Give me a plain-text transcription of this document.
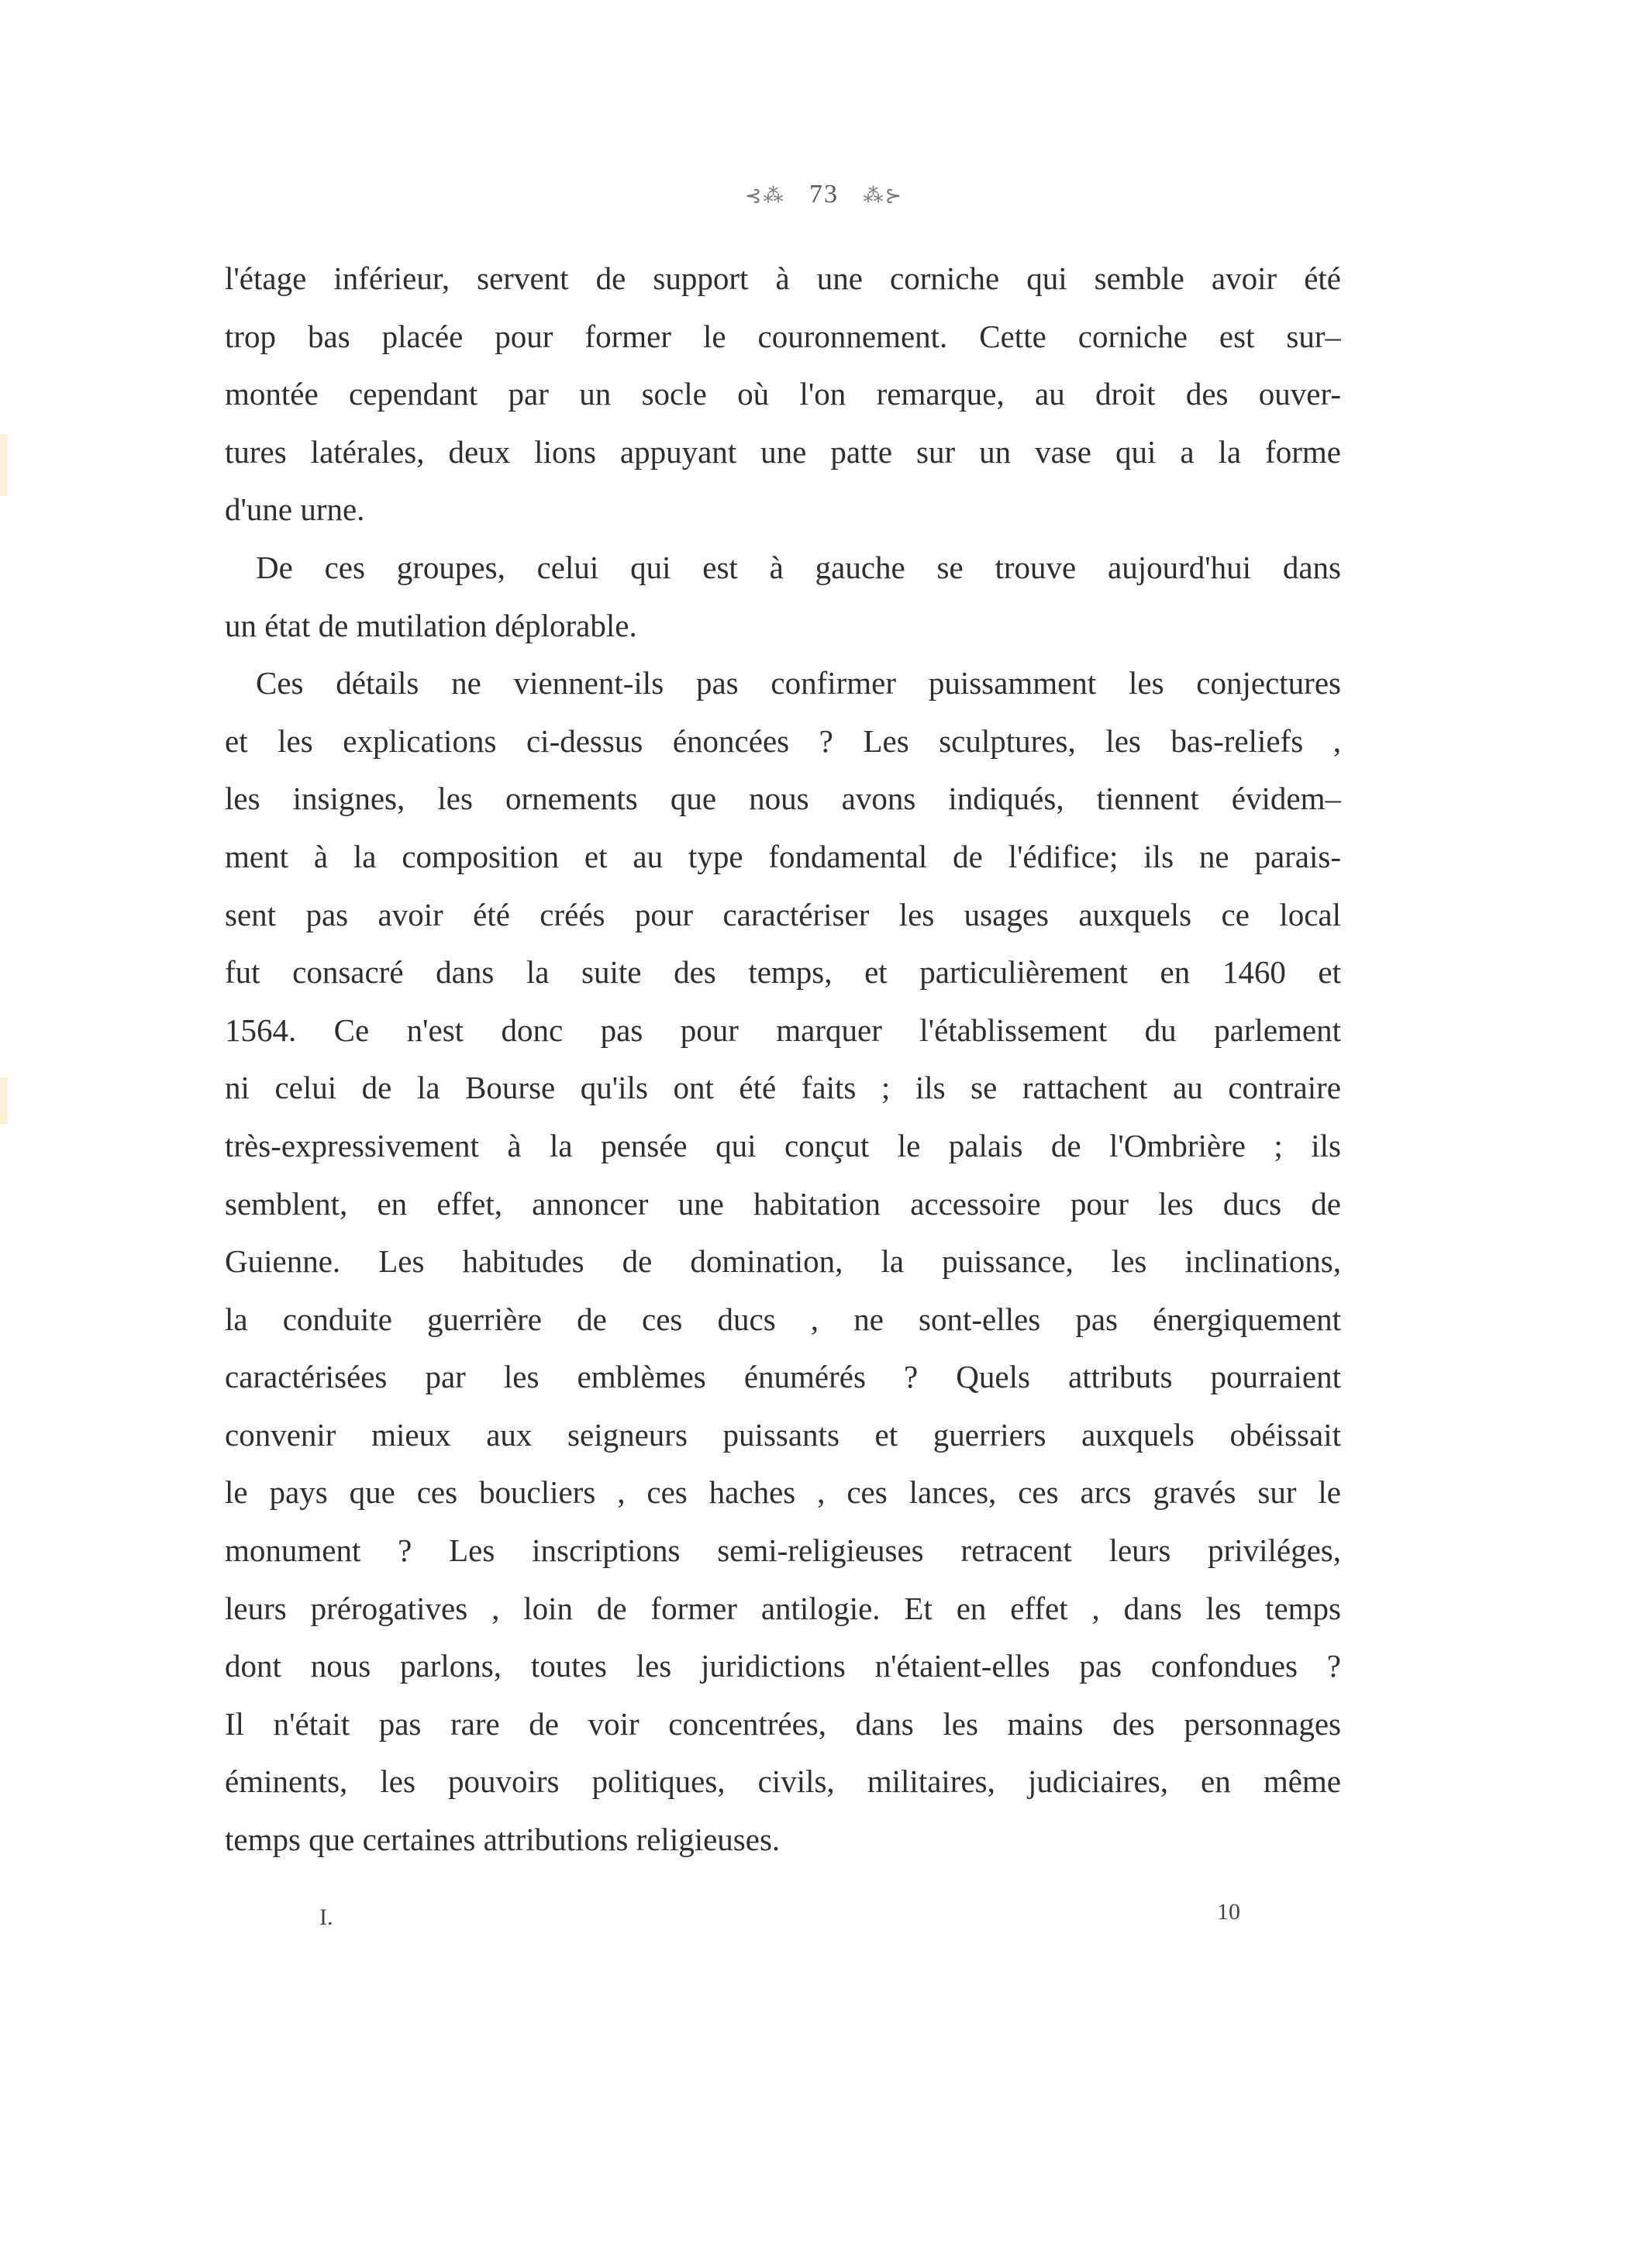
⊰⁂ 73 ⁂⊱
l'étage inférieur, servent de support à une corniche qui semble avoir été
trop bas placée pour former le couronnement. Cette corniche est sur–
montée cependant par un socle où l'on remarque, au droit des ouver-
tures latérales, deux lions appuyant une patte sur un vase qui a la forme
d'une urne.
De ces groupes, celui qui est à gauche se trouve aujourd'hui dans
un état de mutilation déplorable.
Ces détails ne viennent-ils pas confirmer puissamment les conjectures
et les explications ci-dessus énoncées ? Les sculptures, les bas-reliefs ,
les insignes, les ornements que nous avons indiqués, tiennent évidem–
ment à la composition et au type fondamental de l'édifice; ils ne parais-
sent pas avoir été créés pour caractériser les usages auxquels ce local
fut consacré dans la suite des temps, et particulièrement en 1460 et
1564. Ce n'est donc pas pour marquer l'établissement du parlement
ni celui de la Bourse qu'ils ont été faits ; ils se rattachent au contraire
très-expressivement à la pensée qui conçut le palais de l'Ombrière ; ils
semblent, en effet, annoncer une habitation accessoire pour les ducs de
Guienne. Les habitudes de domination, la puissance, les inclinations,
la conduite guerrière de ces ducs , ne sont-elles pas énergiquement
caractérisées par les emblèmes énumérés ? Quels attributs pourraient
convenir mieux aux seigneurs puissants et guerriers auxquels obéissait
le pays que ces boucliers , ces haches , ces lances, ces arcs gravés sur le
monument ? Les inscriptions semi-religieuses retracent leurs priviléges,
leurs prérogatives , loin de former antilogie. Et en effet , dans les temps
dont nous parlons, toutes les juridictions n'étaient-elles pas confondues ?
Il n'était pas rare de voir concentrées, dans les mains des personnages
éminents, les pouvoirs politiques, civils, militaires, judiciaires, en même
temps que certaines attributions religieuses.
I.	10
